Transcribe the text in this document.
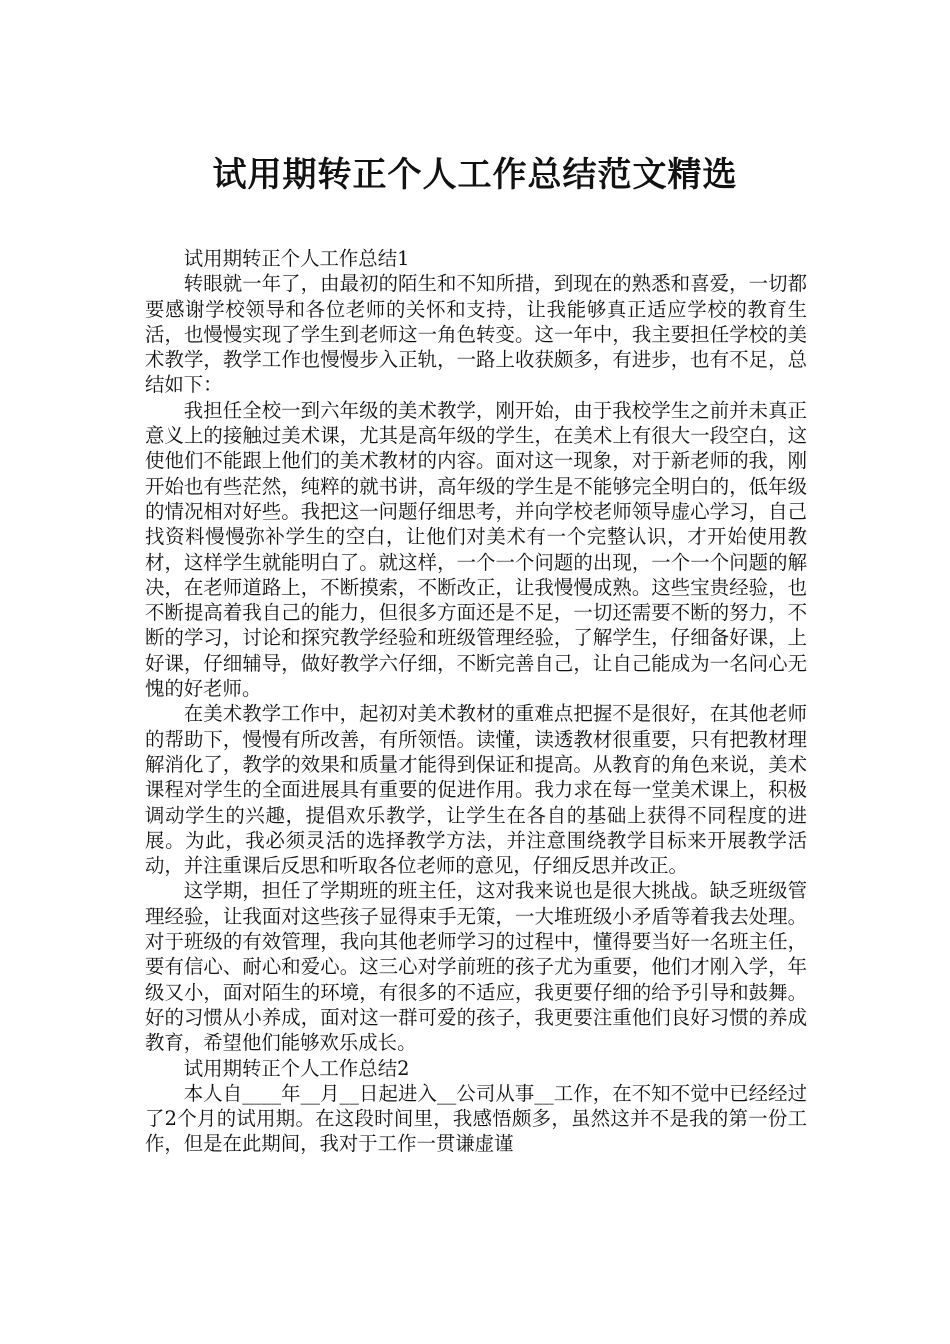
试用期转正个人工作总结范文精选

试用期转正个人工作总结1

转眼就一年了，由最初的陌生和不知所措，到现在的熟悉和喜爱，一切都要感谢学校领导和各位老师的关怀和支持，让我能够真正适应学校的教育生活，也慢慢实现了学生到老师这一角色转变。这一年中，我主要担任学校的美术教学，教学工作也慢慢步入正轨，一路上收获颇多，有进步，也有不足，总结如下：

我担任全校一到六年级的美术教学，刚开始，由于我校学生之前并未真正意义上的接触过美术课，尤其是高年级的学生，在美术上有很大一段空白，这使他们不能跟上他们的美术教材的内容。面对这一现象，对于新老师的我，刚开始也有些茫然，纯粹的就书讲，高年级的学生是不能够完全明白的，低年级的情况相对好些。我把这一问题仔细思考，并向学校老师领导虚心学习，自己找资料慢慢弥补学生的空白，让他们对美术有一个完整认识，才开始使用教材，这样学生就能明白了。就这样，一个一个问题的出现，一个一个问题的解决，在老师道路上，不断摸索，不断改正，让我慢慢成熟。这些宝贵经验，也不断提高着我自己的能力，但很多方面还是不足，一切还需要不断的努力，不断的学习，讨论和探究教学经验和班级管理经验，了解学生，仔细备好课，上好课，仔细辅导，做好教学六仔细，不断完善自己，让自己能成为一名问心无愧的好老师。

在美术教学工作中，起初对美术教材的重难点把握不是很好，在其他老师的帮助下，慢慢有所改善，有所领悟。读懂，读透教材很重要，只有把教材理解消化了，教学的效果和质量才能得到保证和提高。从教育的角色来说，美术课程对学生的全面进展具有重要的促进作用。我力求在每一堂美术课上，积极调动学生的兴趣，提倡欢乐教学，让学生在各自的基础上获得不同程度的进展。为此，我必须灵活的选择教学方法，并注意围绕教学目标来开展教学活动，并注重课后反思和听取各位老师的意见，仔细反思并改正。

这学期，担任了学期班的班主任，这对我来说也是很大挑战。缺乏班级管理经验，让我面对这些孩子显得束手无策，一大堆班级小矛盾等着我去处理。对于班级的有效管理，我向其他老师学习的过程中，懂得要当好一名班主任，要有信心、耐心和爱心。这三心对学前班的孩子尤为重要，他们才刚入学，年级又小，面对陌生的环境，有很多的不适应，我更要仔细的给予引导和鼓舞。好的习惯从小养成，面对这一群可爱的孩子，我更要注重他们良好习惯的养成教育，希望他们能够欢乐成长。

试用期转正个人工作总结2

本人自____年__月__日起进入__公司从事__工作，在不知不觉中已经经过了2个月的试用期。在这段时间里，我感悟颇多，虽然这并不是我的第一份工作，但是在此期间，我对于工作一贯谦虚谨
